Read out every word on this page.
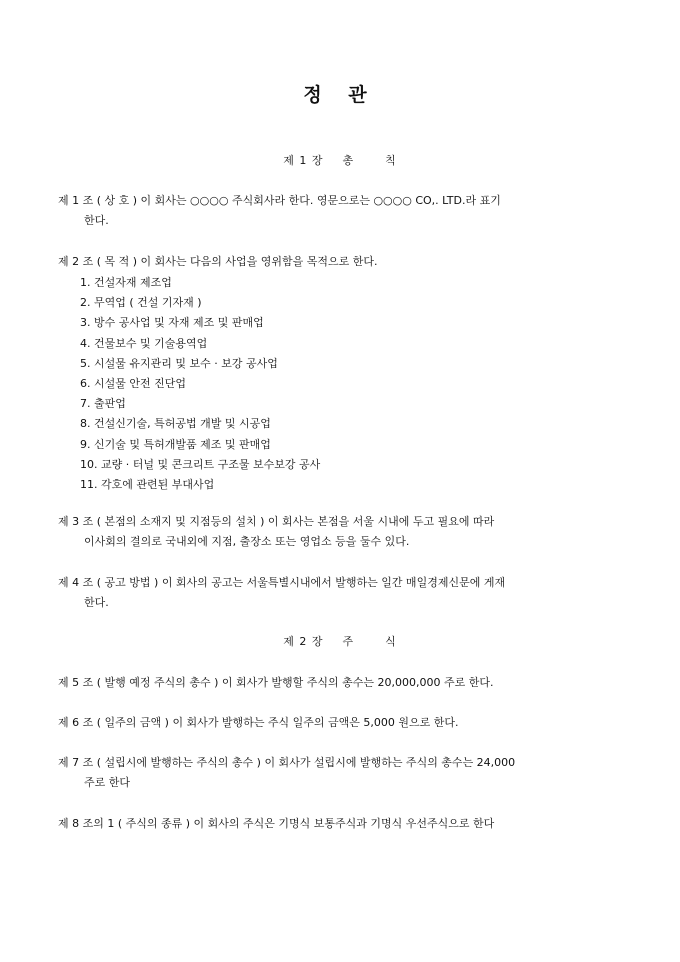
정 관
제 1 장 총	칙
제 1 조 ( 상 호 ) 이 회사는 ○○○○ 주식회사라 한다. 영문으로는 ○○○○ CO,. LTD.라 표기
한다.
제 2 조 ( 목 적 ) 이 회사는 다음의 사업을 영위함을 목적으로 한다.
1. 건설자재 제조업
2. 무역업 ( 건설 기자재 )
3. 방수 공사업 및 자재 제조 및 판매업
4. 건물보수 및 기술용역업
5. 시설물 유지관리 및 보수 · 보강 공사업
6. 시설물 안전 진단업
7. 출판업
8. 건설신기술, 특허공법 개발 및 시공업
9. 신기술 및 특허개발품 제조 및 판매업
10. 교량 · 터널 및 콘크리트 구조물 보수보강 공사
11. 각호에 관련된 부대사업
제 3 조 ( 본점의 소재지 및 지점등의 설치 ) 이 회사는 본점을 서울 시내에 두고 필요에 따라
이사회의 결의로 국내외에 지점, 출장소 또는 영업소 등을 둘수 있다.
제 4 조 ( 공고 방법 ) 이 회사의 공고는 서울특별시내에서 발행하는 일간 매일경제신문에 게재
한다.
제 2 장 주	식
제 5 조 ( 발행 예정 주식의 총수 ) 이 회사가 발행할 주식의 총수는 20,000,000 주로 한다.
제 6 조 ( 일주의 금액 ) 이 회사가 발행하는 주식 일주의 금액은 5,000 원으로 한다.
제 7 조 ( 설립시에 발행하는 주식의 총수 ) 이 회사가 설립시에 발행하는 주식의 총수는 24,000
주로 한다
제 8 조의 1 ( 주식의 종류 ) 이 회사의 주식은 기명식 보통주식과 기명식 우선주식으로 한다
